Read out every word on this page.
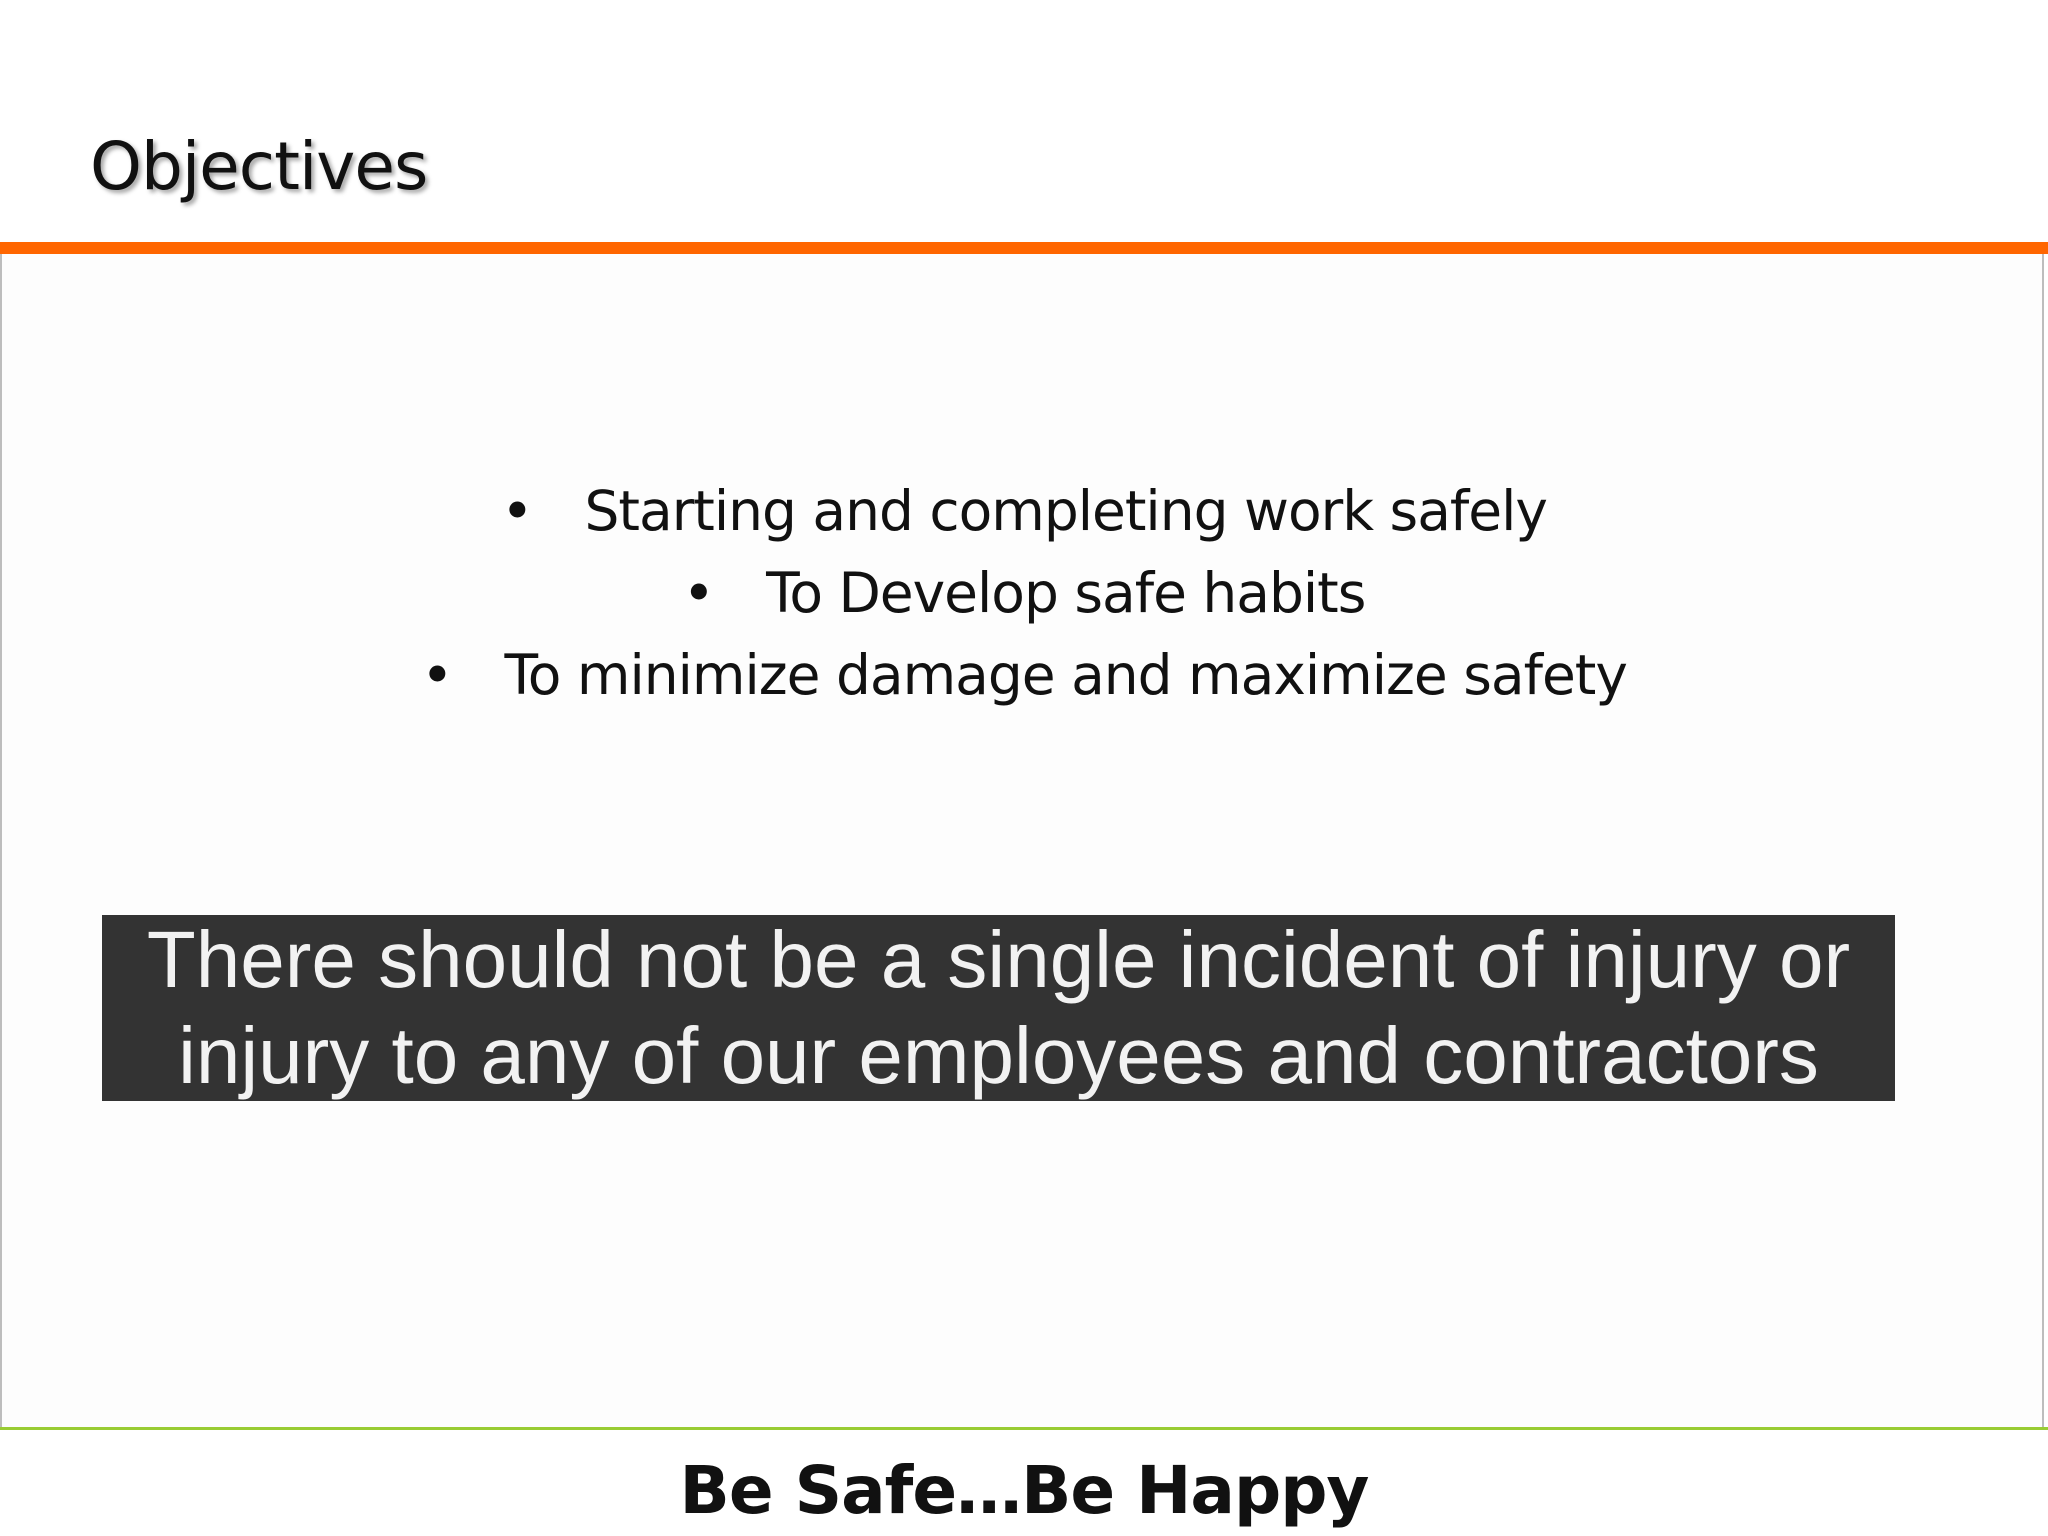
Objectives
• Starting and completing work safely
• To Develop safe habits
• To minimize damage and maximize safety
There should not be a single incident of injury or injury to any of our employees and contractors
Be Safe…Be Happy
